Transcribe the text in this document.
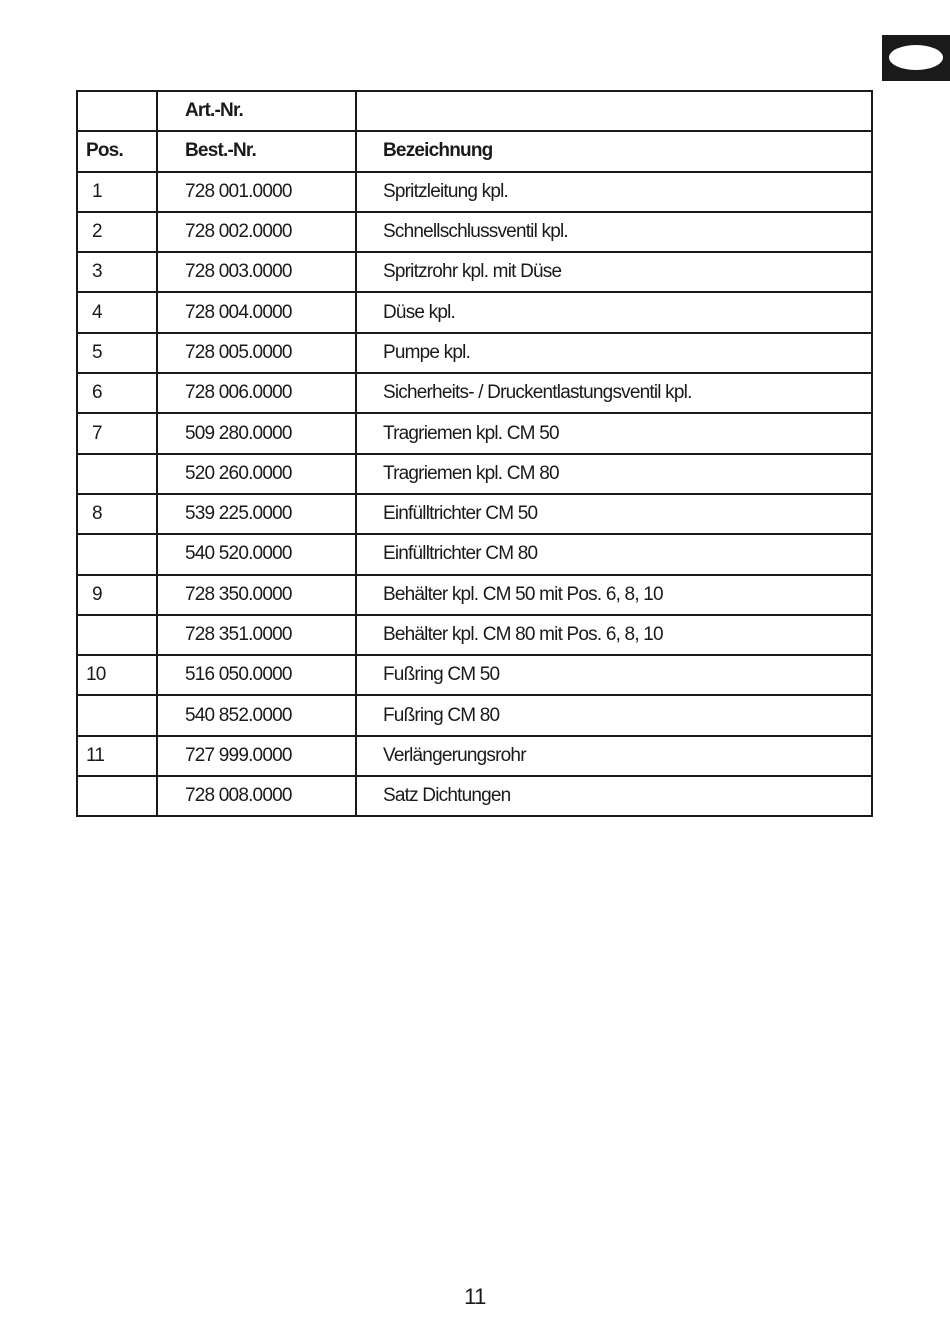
	Art.-Nr.	
Pos.	Best.-Nr.	Bezeichnung
1	728 001.0000	Spritzleitung kpl.
2	728 002.0000	Schnellschlussventil kpl.
3	728 003.0000	Spritzrohr kpl. mit Düse
4	728 004.0000	Düse kpl.
5	728 005.0000	Pumpe kpl.
6	728 006.0000	Sicherheits- / Druckentlastungsventil kpl.
7	509 280.0000	Tragriemen kpl. CM 50
	520 260.0000	Tragriemen kpl. CM 80
8	539 225.0000	Einfülltrichter CM 50
	540 520.0000	Einfülltrichter CM 80
9	728 350.0000	Behälter kpl. CM 50 mit Pos. 6, 8, 10
	728 351.0000	Behälter kpl. CM 80 mit Pos. 6, 8, 10
10	516 050.0000	Fußring CM 50
	540 852.0000	Fußring CM 80
11	727 999.0000	Verlängerungsrohr
	728 008.0000	Satz Dichtungen
11
